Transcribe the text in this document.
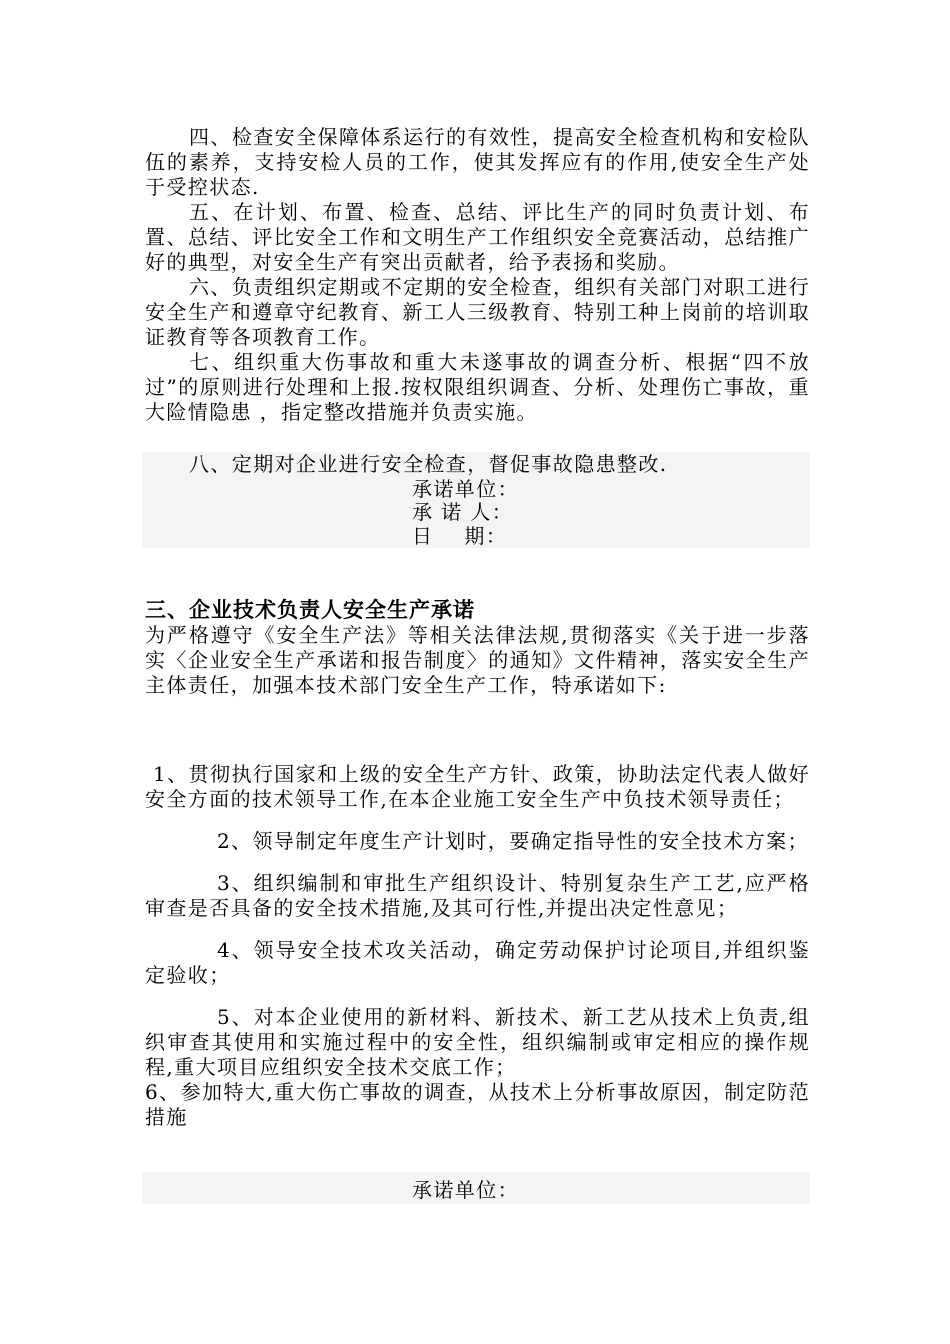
四、检查安全保障体系运行的有效性，提高安全检查机构和安检队伍的素养，支持安检人员的工作，使其发挥应有的作用,使安全生产处于受控状态.

五、在计划、布置、检查、总结、评比生产的同时负责计划、布置、总结、评比安全工作和文明生产工作组织安全竞赛活动，总结推广好的典型，对安全生产有突出贡献者，给予表扬和奖励。

六、负责组织定期或不定期的安全检查，组织有关部门对职工进行安全生产和遵章守纪教育、新工人三级教育、特别工种上岗前的培训取证教育等各项教育工作。

七、组织重大伤事故和重大未遂事故的调查分析、根据“四不放过”的原则进行处理和上报.按权限组织调查、分析、处理伤亡事故，重大险情隐患 ，指定整改措施并负责实施。

八、定期对企业进行安全检查，督促事故隐患整改.

承诺单位：
承 诺 人：
日    期：

三、企业技术负责人安全生产承诺

为严格遵守《安全生产法》等相关法律法规,贯彻落实《关于进一步落实〈企业安全生产承诺和报告制度〉的通知》文件精神，落实安全生产主体责任，加强本技术部门安全生产工作，特承诺如下:

1、贯彻执行国家和上级的安全生产方针、政策，协助法定代表人做好安全方面的技术领导工作,在本企业施工安全生产中负技术领导责任；

2、领导制定年度生产计划时，要确定指导性的安全技术方案；

3、组织编制和审批生产组织设计、特别复杂生产工艺,应严格审查是否具备的安全技术措施,及其可行性,并提出决定性意见；

4、领导安全技术攻关活动，确定劳动保护讨论项目,并组织鉴定验收；

5、对本企业使用的新材料、新技术、新工艺从技术上负责,组织审查其使用和实施过程中的安全性，组织编制或审定相应的操作规程,重大项目应组织安全技术交底工作；

6、参加特大,重大伤亡事故的调查，从技术上分析事故原因，制定防范措施

承诺单位：
